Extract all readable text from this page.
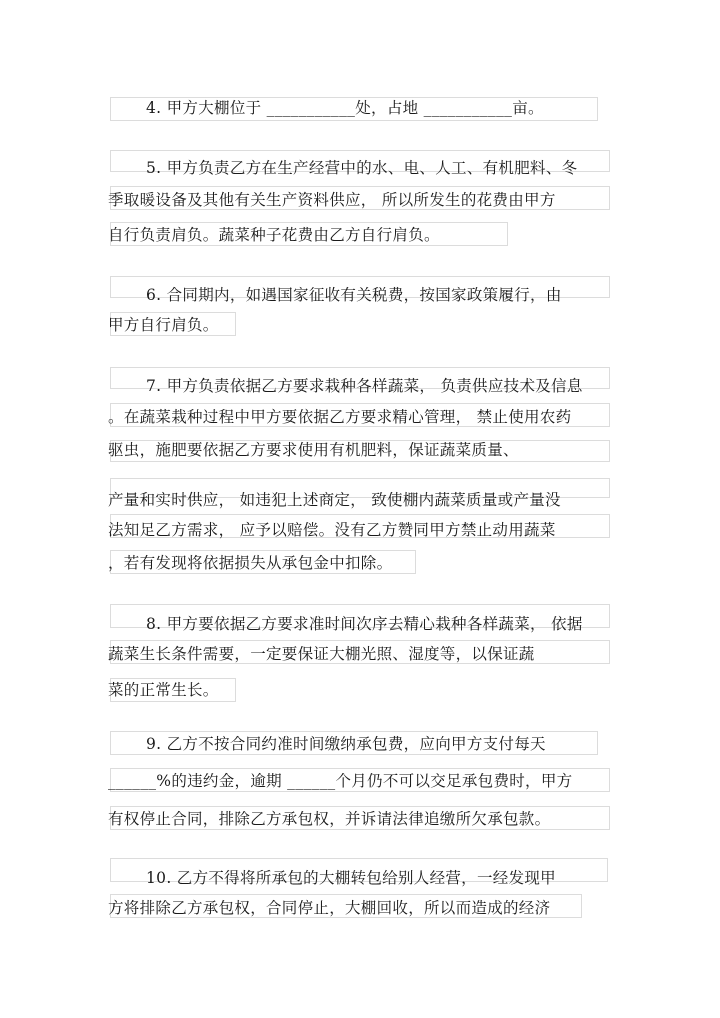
4. 甲方大棚位于 ___________处，占地 ___________亩。
5. 甲方负责乙方在生产经营中的水、电、人工、有机肥料、冬
季取暖设备及其他有关生产资料供应， 所以所发生的花费由甲方
自行负责肩负。蔬菜种子花费由乙方自行肩负。
6. 合同期内，如遇国家征收有关税费，按国家政策履行，由
甲方自行肩负。
7. 甲方负责依据乙方要求栽种各样蔬菜， 负责供应技术及信息
。在蔬菜栽种过程中甲方要依据乙方要求精心管理， 禁止使用农药
驱虫，施肥要依据乙方要求使用有机肥料，保证蔬菜质量、
产量和实时供应， 如违犯上述商定， 致使棚内蔬菜质量或产量没
法知足乙方需求， 应予以赔偿。没有乙方赞同甲方禁止动用蔬菜
，若有发现将依据损失从承包金中扣除。
8. 甲方要依据乙方要求准时间次序去精心栽种各样蔬菜， 依据
蔬菜生长条件需要，一定要保证大棚光照、湿度等，以保证蔬
菜的正常生长。
9. 乙方不按合同约准时间缴纳承包费，应向甲方支付每天
______%的违约金，逾期 ______个月仍不可以交足承包费时，甲方
有权停止合同，排除乙方承包权，并诉请法律追缴所欠承包款。
10. 乙方不得将所承包的大棚转包给别人经营，一经发现甲
方将排除乙方承包权，合同停止，大棚回收，所以而造成的经济
